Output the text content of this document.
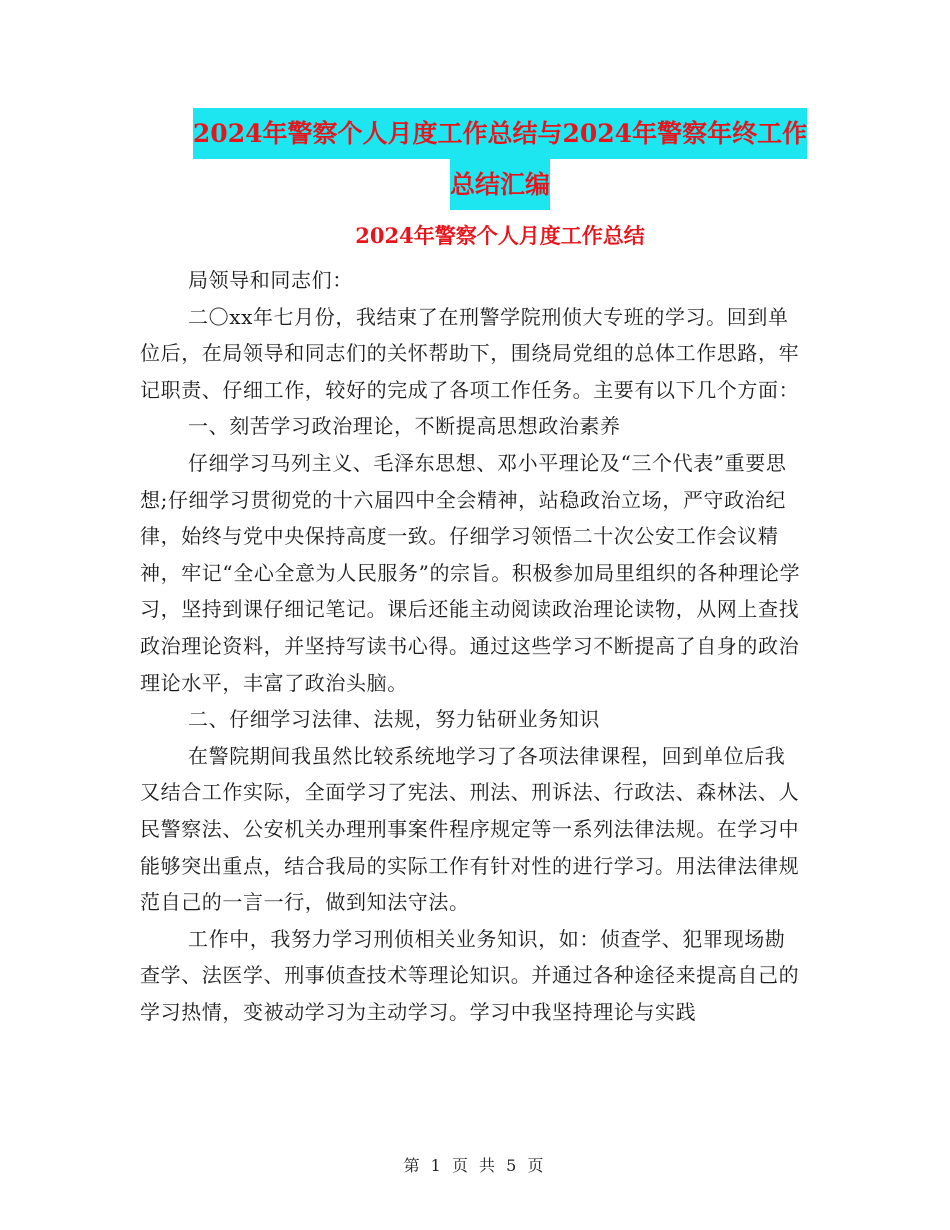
2024年警察个人月度工作总结与2024年警察年终工作
总结汇编
2024年警察个人月度工作总结

局领导和同志们：

二〇xx年七月份，我结束了在刑警学院刑侦大专班的学习。回到单位后，在局领导和同志们的关怀帮助下，围绕局党组的总体工作思路，牢记职责、仔细工作，较好的完成了各项工作任务。主要有以下几个方面：

一、刻苦学习政治理论，不断提高思想政治素养

仔细学习马列主义、毛泽东思想、邓小平理论及“三个代表”重要思想;仔细学习贯彻党的十六届四中全会精神，站稳政治立场，严守政治纪律，始终与党中央保持高度一致。仔细学习领悟二十次公安工作会议精神，牢记“全心全意为人民服务”的宗旨。积极参加局里组织的各种理论学习，坚持到课仔细记笔记。课后还能主动阅读政治理论读物，从网上查找政治理论资料，并坚持写读书心得。通过这些学习不断提高了自身的政治理论水平，丰富了政治头脑。

二、仔细学习法律、法规，努力钻研业务知识

在警院期间我虽然比较系统地学习了各项法律课程，回到单位后我又结合工作实际，全面学习了宪法、刑法、刑诉法、行政法、森林法、人民警察法、公安机关办理刑事案件程序规定等一系列法律法规。在学习中能够突出重点，结合我局的实际工作有针对性的进行学习。用法律法律规范自己的一言一行，做到知法守法。

工作中，我努力学习刑侦相关业务知识，如：侦查学、犯罪现场勘查学、法医学、刑事侦查技术等理论知识。并通过各种途径来提高自己的学习热情，变被动学习为主动学习。学习中我坚持理论与实践

第 1 页 共 5 页
